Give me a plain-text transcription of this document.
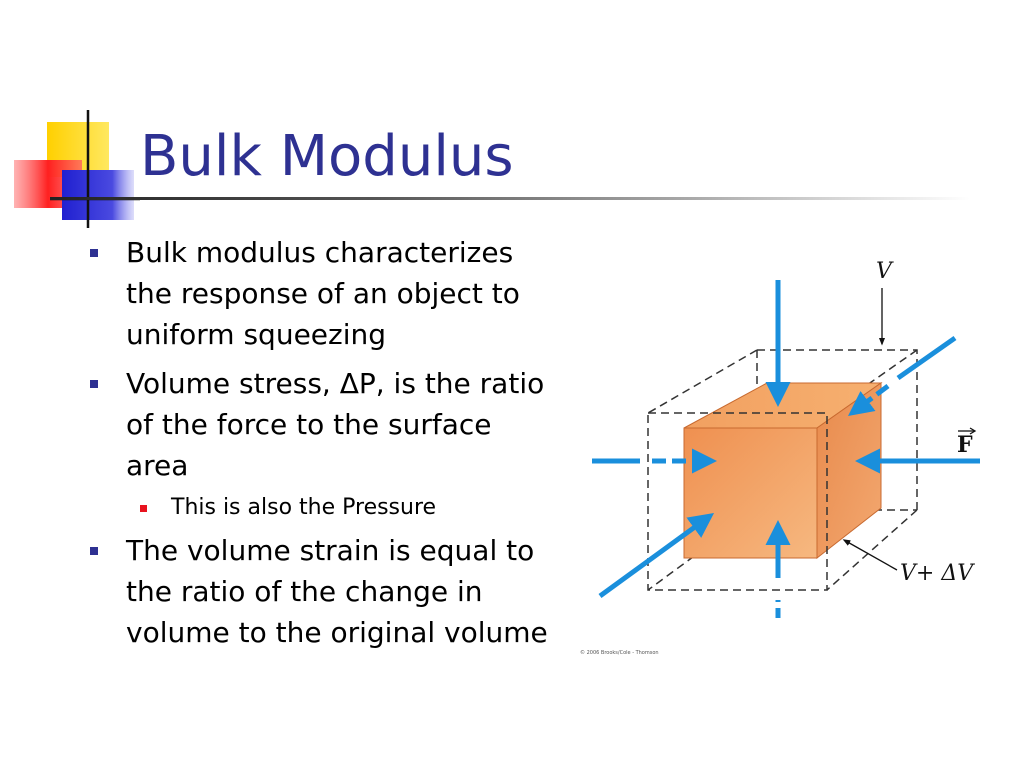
Bulk Modulus
Bulk modulus characterizes the response of an object to uniform squeezing
Volume stress, ΔP, is the ratio of the force to the surface area
This is also the Pressure
The volume strain is equal to the ratio of the change in volume to the original volume
V
F
V+ ΔV
© 2006 Brooks/Cole - Thomson
